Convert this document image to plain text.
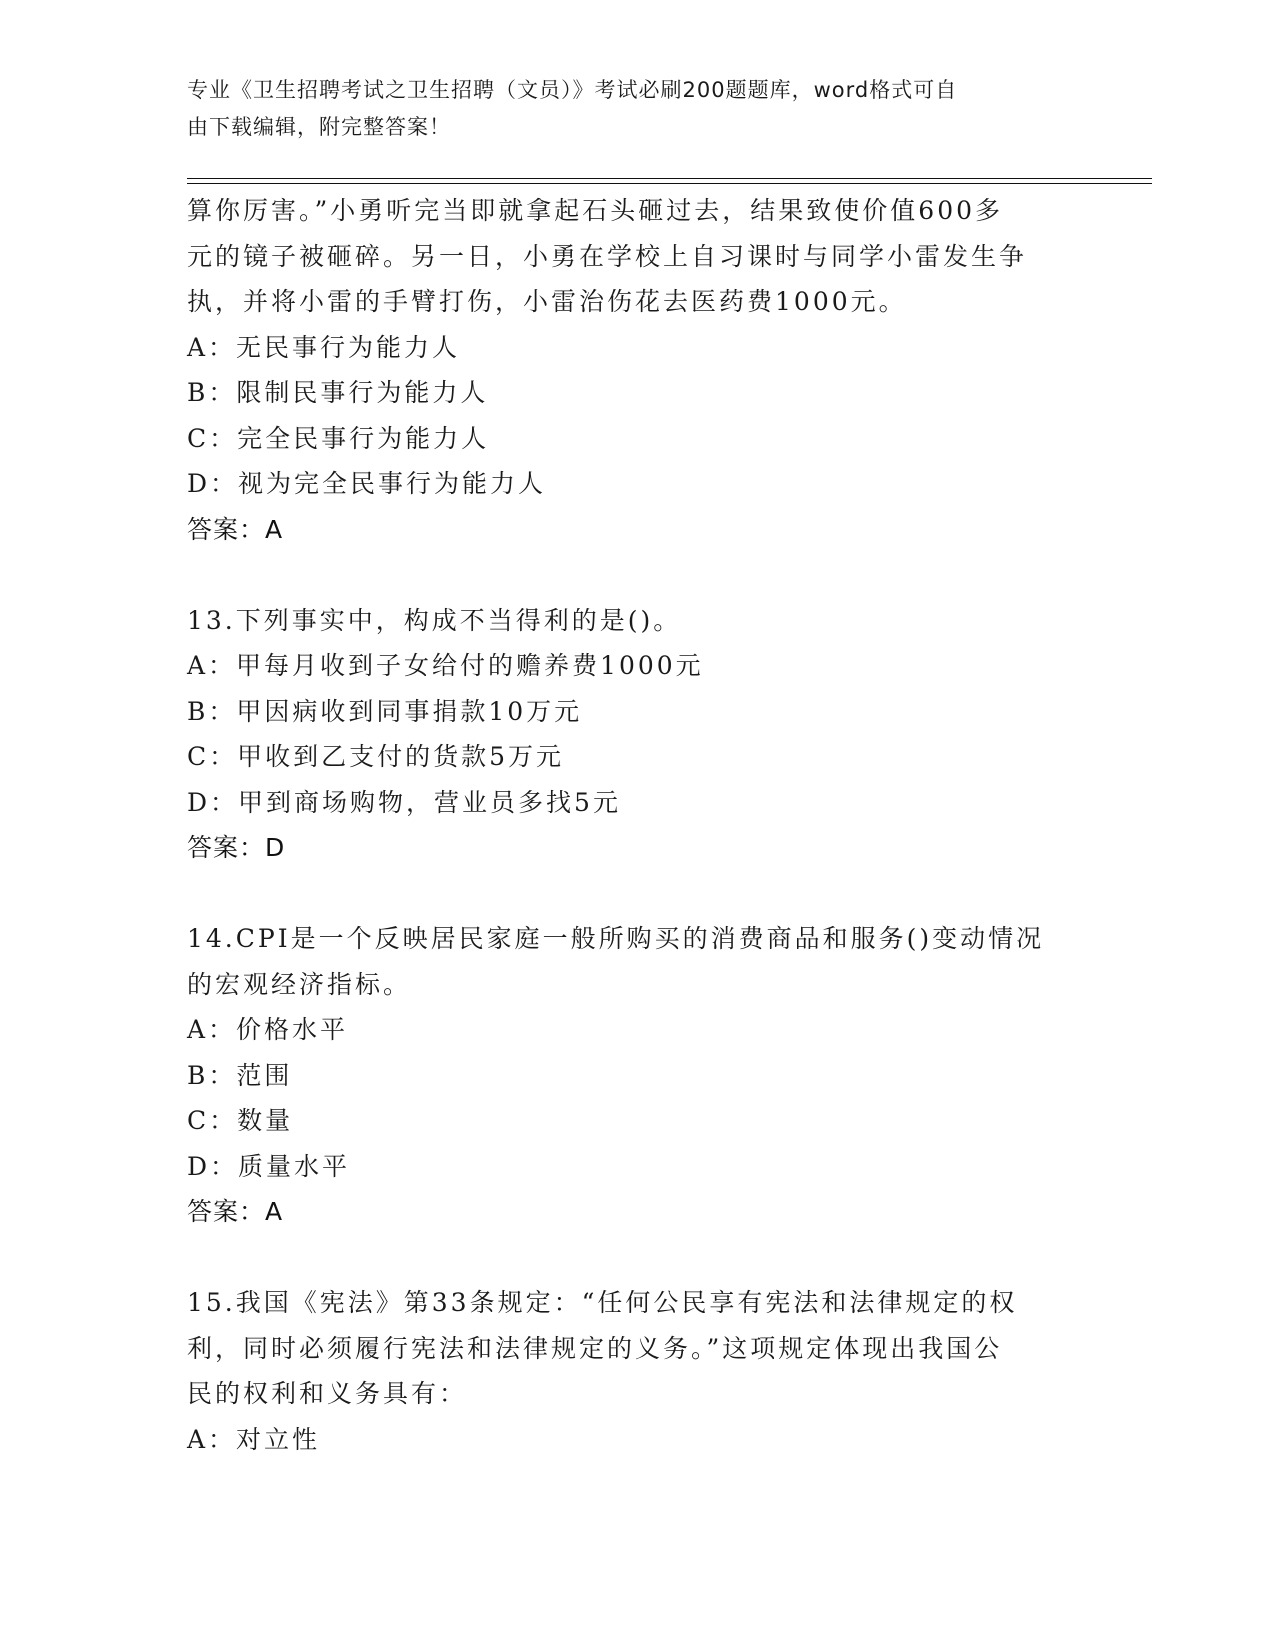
专业《卫生招聘考试之卫生招聘（文员）》考试必刷200题题库，word格式可自
由下载编辑，附完整答案！
算你厉害。”小勇听完当即就拿起石头砸过去，结果致使价值600多
元的镜子被砸碎。另一日，小勇在学校上自习课时与同学小雷发生争
执，并将小雷的手臂打伤，小雷治伤花去医药费1000元。
A：无民事行为能力人
B：限制民事行为能力人
C：完全民事行为能力人
D：视为完全民事行为能力人
答案：A
13.下列事实中，构成不当得利的是()。
A：甲每月收到子女给付的赡养费1000元
B：甲因病收到同事捐款10万元
C：甲收到乙支付的货款5万元
D：甲到商场购物，营业员多找5元
答案：D
14.CPI是一个反映居民家庭一般所购买的消费商品和服务()变动情况
的宏观经济指标。
A：价格水平
B：范围
C：数量
D：质量水平
答案：A
15.我国《宪法》第33条规定：“任何公民享有宪法和法律规定的权
利，同时必须履行宪法和法律规定的义务。”这项规定体现出我国公
民的权利和义务具有：
A：对立性
